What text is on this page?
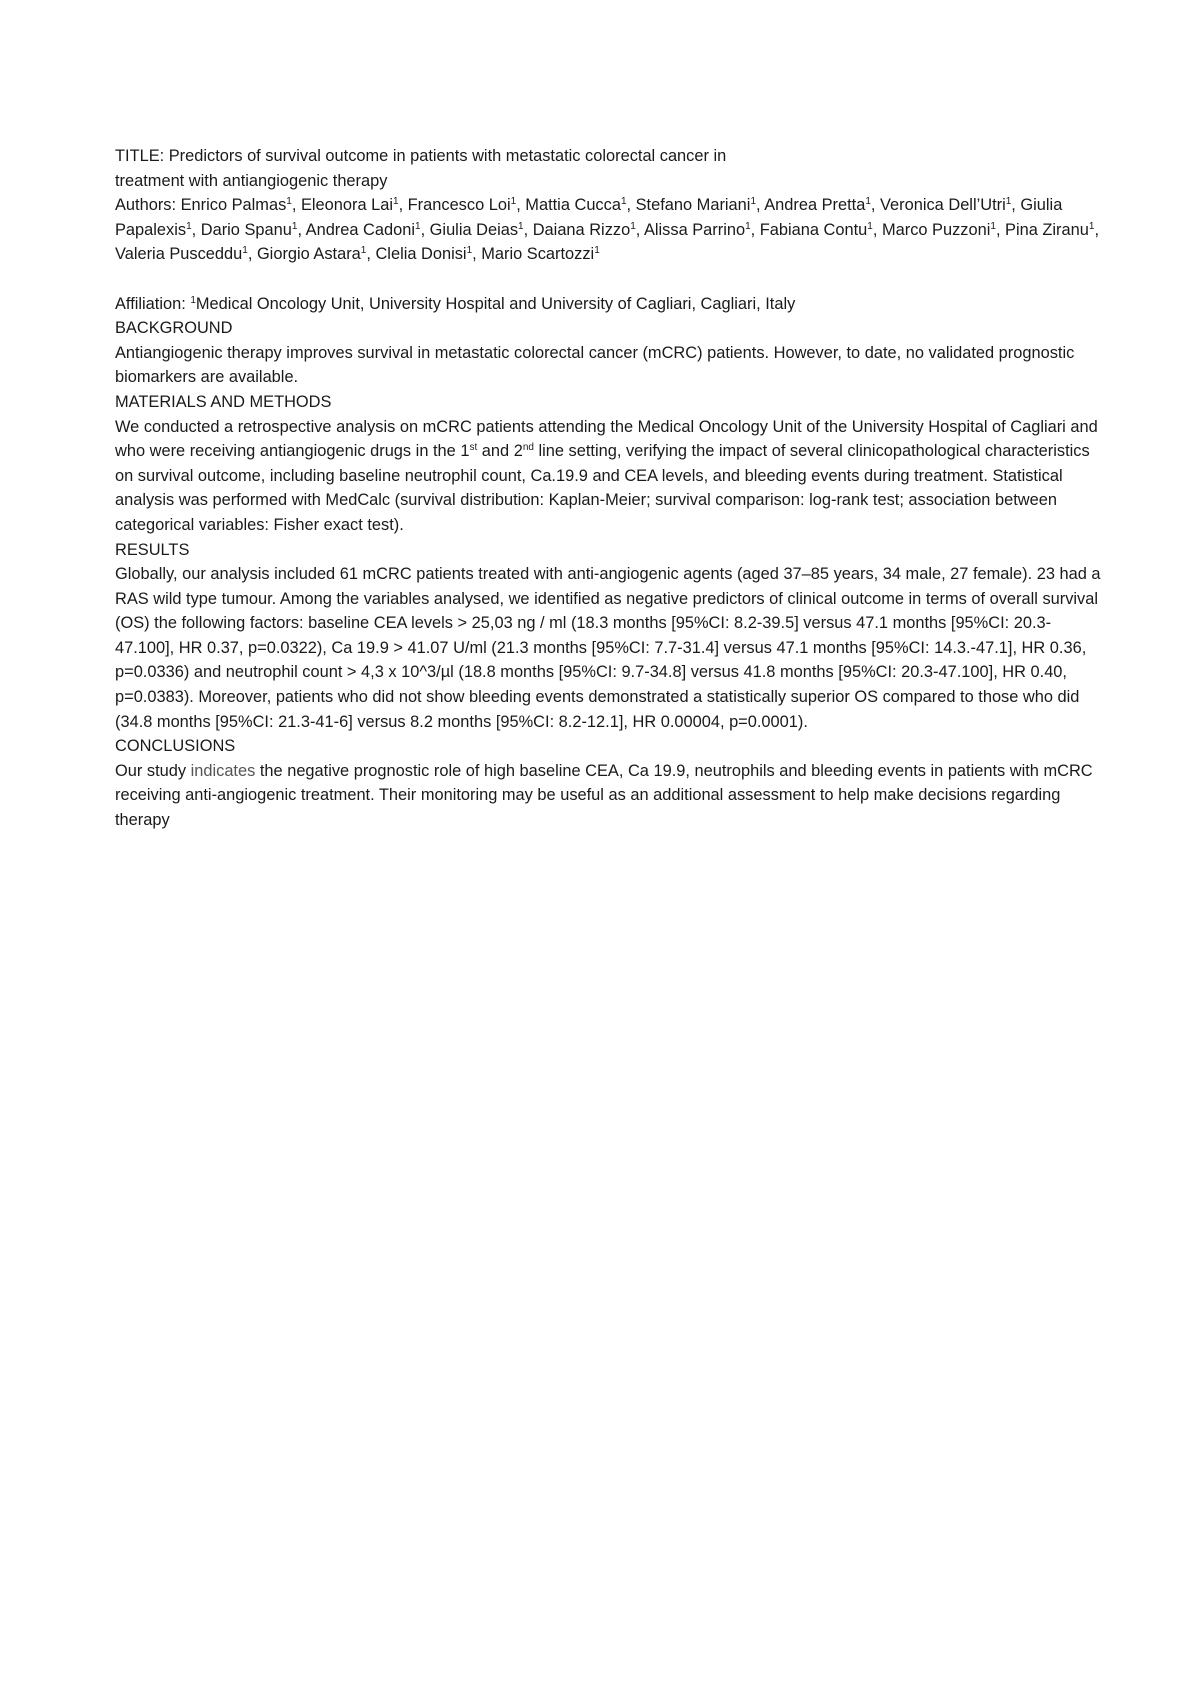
TITLE: Predictors of survival outcome in patients with metastatic colorectal cancer in

treatment with antiangiogenic therapy

Authors: Enrico Palmas$^1$, Eleonora Lai$^1$, Francesco Loi$^1$, Mattia Cucca$^1$, Stefano Mariani$^1$, Andrea Pretta$^1$, Veronica Dell’Utri$^1$, Giulia Papalexis$^1$, Dario Spanu$^1$, Andrea Cadoni$^1$, Giulia Deias$^1$, Daiana Rizzo$^1$, Alissa Parrino$^1$, Fabiana Contu$^1$, Marco Puzzoni$^1$, Pina Ziranu$^1$, Valeria Pusceddu$^1$, Giorgio Astara$^1$, Clelia Donisi$^1$, Mario Scartozzi$^1$

Affiliation: $^1$Medical Oncology Unit, University Hospital and University of Cagliari, Cagliari, Italy

BACKGROUND

Antiangiogenic therapy improves survival in metastatic colorectal cancer (mCRC) patients. However, to date, no validated prognostic biomarkers are available.

MATERIALS AND METHODS

We conducted a retrospective analysis on mCRC patients attending the Medical Oncology Unit of the University Hospital of Cagliari and who were receiving antiangiogenic drugs in the 1st and 2nd line setting, verifying the impact of several clinicopathological characteristics on survival outcome, including baseline neutrophil count, Ca.19.9 and CEA levels, and bleeding events during treatment. Statistical analysis was performed with MedCalc (survival distribution: Kaplan-Meier; survival comparison: log-rank test; association between categorical variables: Fisher exact test).

RESULTS

Globally, our analysis included 61 mCRC patients treated with anti-angiogenic agents (aged 37–85 years, 34 male, 27 female). 23 had a RAS wild type tumour. Among the variables analysed, we identified as negative predictors of clinical outcome in terms of overall survival (OS) the following factors: baseline CEA levels > 25,03 ng / ml (18.3 months [95%CI: 8.2-39.5] versus 47.1 months [95%CI: 20.3-47.100], HR 0.37, p=0.0322), Ca 19.9 > 41.07 U/ml (21.3 months [95%CI: 7.7-31.4] versus 47.1 months [95%CI: 14.3.-47.1], HR 0.36, p=0.0336) and neutrophil count > 4,3 x 10^3/µl (18.8 months [95%CI: 9.7-34.8] versus 41.8 months [95%CI: 20.3-47.100], HR 0.40, p=0.0383). Moreover, patients who did not show bleeding events demonstrated a statistically superior OS compared to those who did (34.8 months [95%CI: 21.3-41-6] versus 8.2 months [95%CI: 8.2-12.1], HR 0.00004, p=0.0001).

CONCLUSIONS

Our study indicates the negative prognostic role of high baseline CEA, Ca 19.9, neutrophils and bleeding events in patients with mCRC receiving anti-angiogenic treatment. Their monitoring may be useful as an additional assessment to help make decisions regarding therapy
